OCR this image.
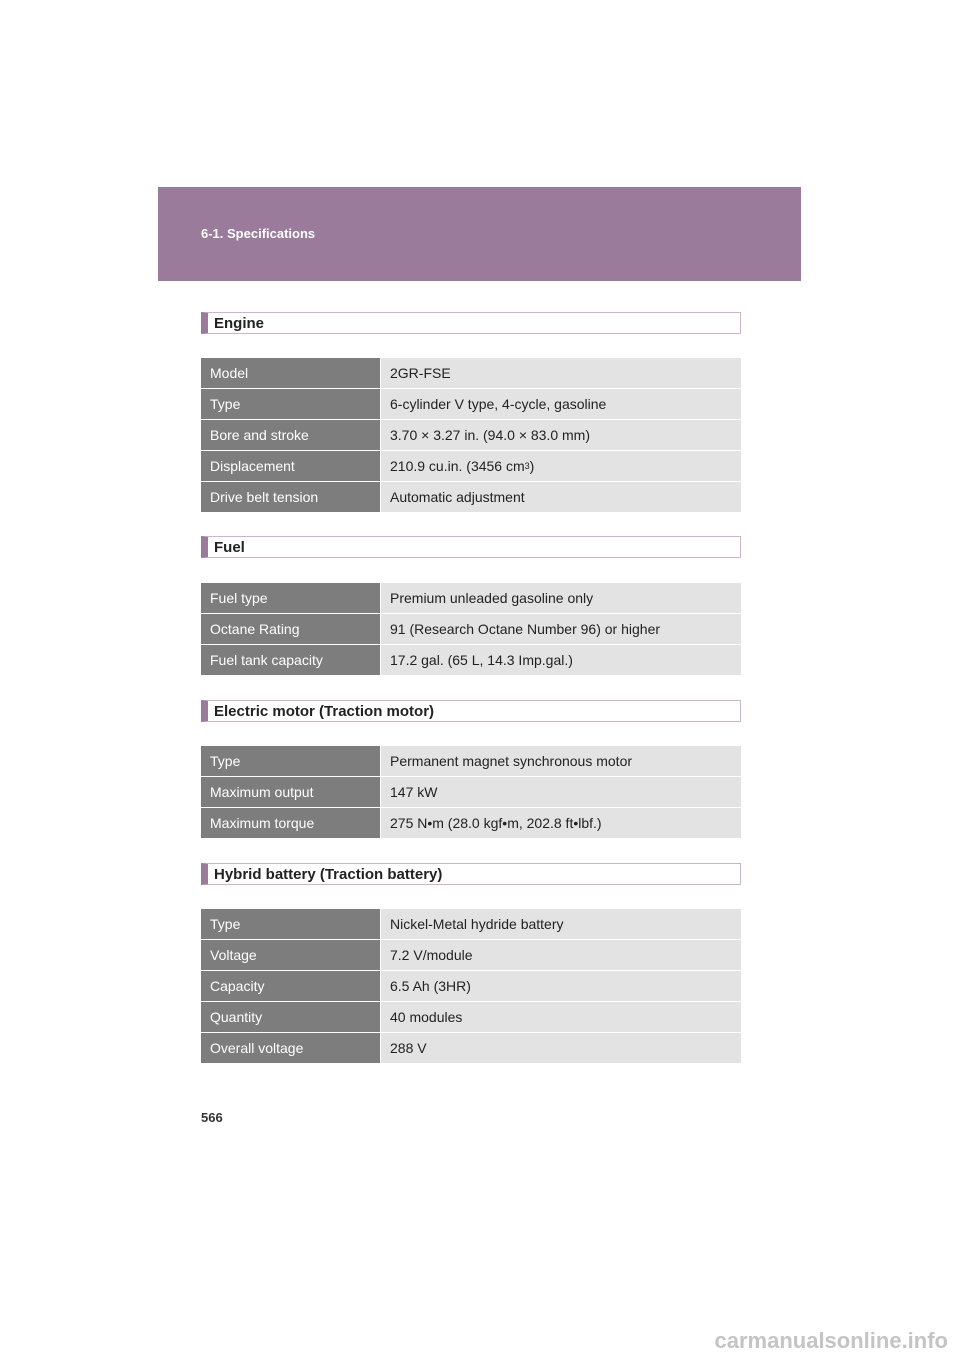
6-1. Specifications
Engine
Model	2GR-FSE
Type	6-cylinder V type, 4-cycle, gasoline
Bore and stroke	3.70 × 3.27 in. (94.0 × 83.0 mm)
Displacement	210.9 cu.in. (3456 cm 3 )
Drive belt tension	Automatic adjustment
Fuel
Fuel type	Premium unleaded gasoline only
Octane Rating	91 (Research Octane Number 96) or higher
Fuel tank capacity	17.2 gal. (65 L, 14.3 Imp.gal.)
Electric motor (Traction motor)
Type	Permanent magnet synchronous motor
Maximum output	147 kW
Maximum torque	275 N•m (28.0 kgf•m, 202.8 ft•lbf.)
Hybrid battery (Traction battery)
Type	Nickel-Metal hydride battery
Voltage	7.2 V/module
Capacity	6.5 Ah (3HR)
Quantity	40 modules
Overall voltage	288 V
566
carmanualsonline.info
